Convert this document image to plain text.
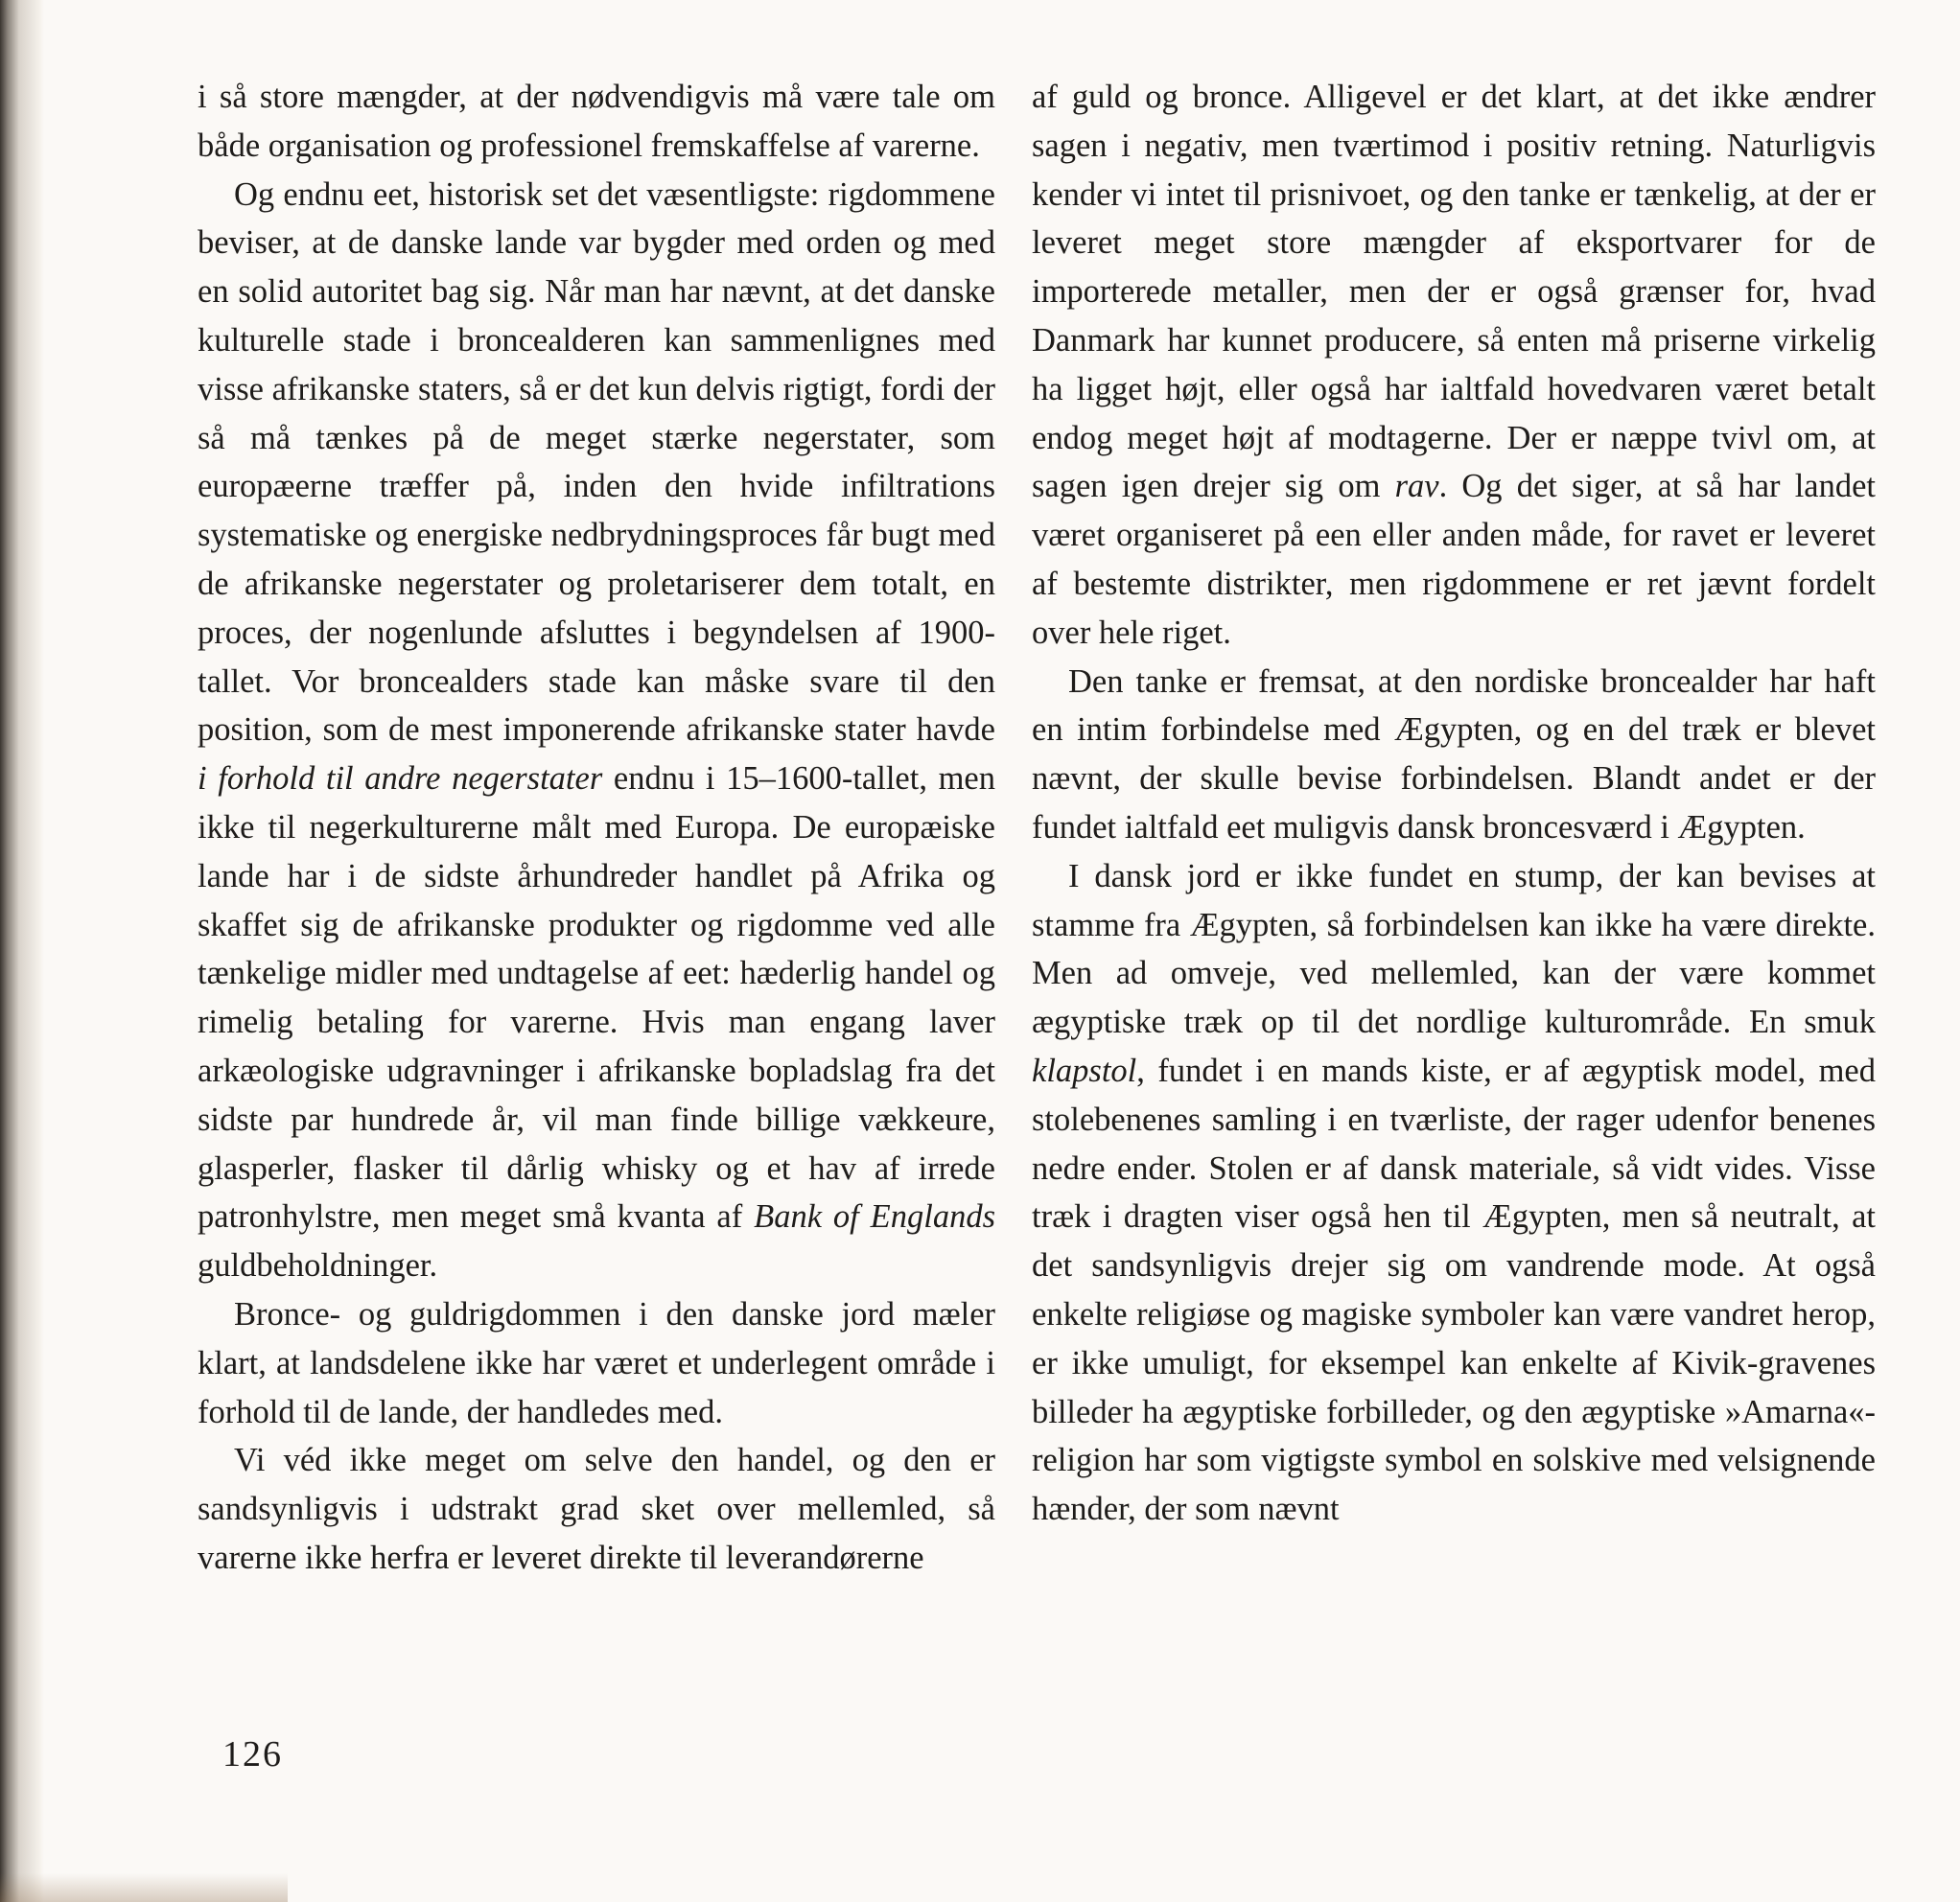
i så store mængder, at der nødvendigvis må være tale om både organisation og professionel fremskaffelse af varerne.

Og endnu eet, historisk set det væsentligste: rigdommene beviser, at de danske lande var bygder med orden og med en solid autoritet bag sig. Når man har nævnt, at det danske kulturelle stade i broncealderen kan sammenlignes med visse afrikanske staters, så er det kun delvis rigtigt, fordi der så må tænkes på de meget stærke negerstater, som europæerne træffer på, inden den hvide infiltrations systematiske og energiske nedbrydningsproces får bugt med de afrikanske negerstater og proletariserer dem totalt, en proces, der nogenlunde afsluttes i begyndelsen af 1900-tallet. Vor broncealders stade kan måske svare til den position, som de mest imponerende afrikanske stater havde i forhold til andre negerstater endnu i 15–1600-tallet, men ikke til negerkulturerne målt med Europa. De europæiske lande har i de sidste århundreder handlet på Afrika og skaffet sig de afrikanske produkter og rigdomme ved alle tænkelige midler med undtagelse af eet: hæderlig handel og rimelig betaling for varerne. Hvis man engang laver arkæologiske udgravninger i afrikanske bopladslag fra det sidste par hundrede år, vil man finde billige vækkeure, glasperler, flasker til dårlig whisky og et hav af irrede patronhylstre, men meget små kvanta af Bank of Englands guldbeholdninger.

Bronce- og guldrigdommen i den danske jord mæler klart, at landsdelene ikke har været et underlegent område i forhold til de lande, der handledes med.

Vi véd ikke meget om selve den handel, og den er sandsynligvis i udstrakt grad sket over mellemled, så varerne ikke herfra er leveret direkte til leverandørerne

af guld og bronce. Alligevel er det klart, at det ikke ændrer sagen i negativ, men tværtimod i positiv retning. Naturligvis kender vi intet til prisnivoet, og den tanke er tænkelig, at der er leveret meget store mængder af eksportvarer for de importerede metaller, men der er også grænser for, hvad Danmark har kunnet producere, så enten må priserne virkelig ha ligget højt, eller også har ialtfald hovedvaren været betalt endog meget højt af modtagerne. Der er næppe tvivl om, at sagen igen drejer sig om rav. Og det siger, at så har landet været organiseret på een eller anden måde, for ravet er leveret af bestemte distrikter, men rigdommene er ret jævnt fordelt over hele riget.

Den tanke er fremsat, at den nordiske broncealder har haft en intim forbindelse med Ægypten, og en del træk er blevet nævnt, der skulle bevise forbindelsen. Blandt andet er der fundet ialtfald eet muligvis dansk broncesværd i Ægypten.

I dansk jord er ikke fundet en stump, der kan bevises at stamme fra Ægypten, så forbindelsen kan ikke ha være direkte. Men ad omveje, ved mellemled, kan der være kommet ægyptiske træk op til det nordlige kulturområde. En smuk klapstol, fundet i en mands kiste, er af ægyptisk model, med stolebenenes samling i en tværliste, der rager udenfor benenes nedre ender. Stolen er af dansk materiale, så vidt vides. Visse træk i dragten viser også hen til Ægypten, men så neutralt, at det sandsynligvis drejer sig om vandrende mode. At også enkelte religiøse og magiske symboler kan være vandret herop, er ikke umuligt, for eksempel kan enkelte af Kivik-gravenes billeder ha ægyptiske forbilleder, og den ægyptiske »Amarna«-religion har som vigtigste symbol en solskive med velsignende hænder, der som nævnt

126
